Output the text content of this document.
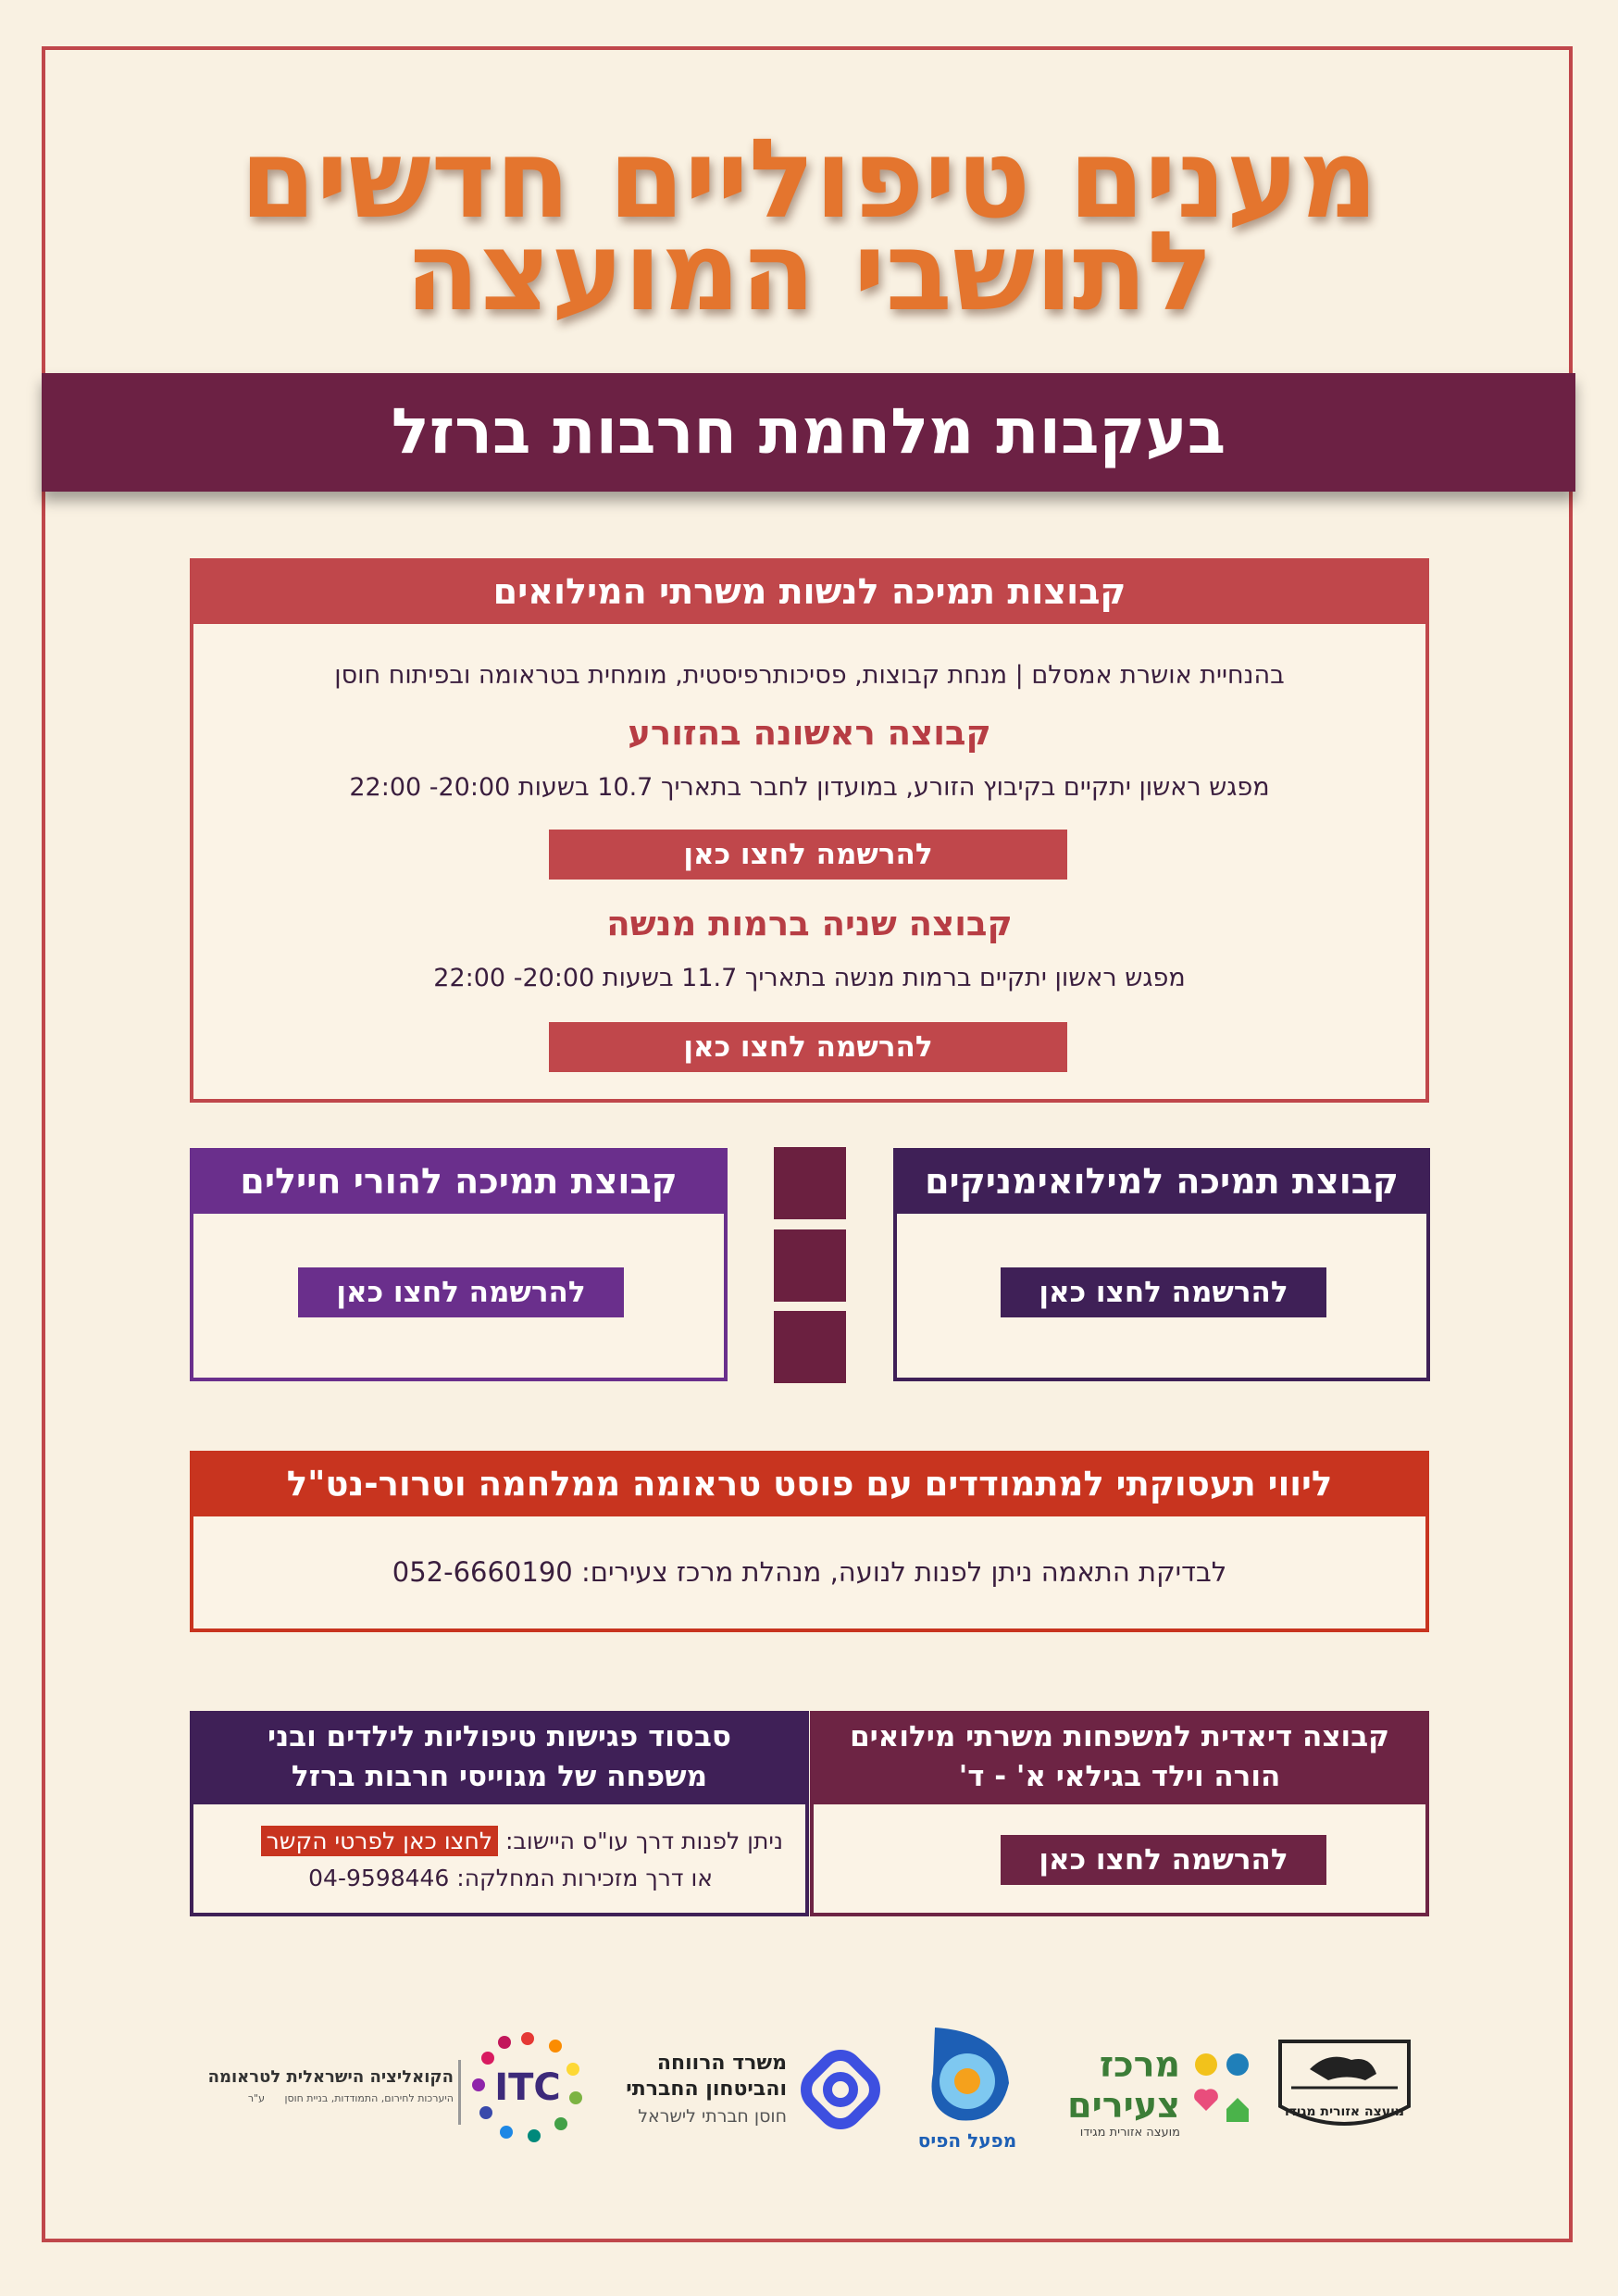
מענים טיפוליים חדשים
לתושבי המועצה
בעקבות מלחמת חרבות ברזל
קבוצות תמיכה לנשות משרתי המילואים
בהנחיית אושרת אמסלם | מנחת קבוצות, פסיכותרפיסטית, מומחית בטראומה ובפיתוח חוסן
קבוצה ראשונה בהזורע
מפגש ראשון יתקיים בקיבוץ הזורע, במועדון לחבר בתאריך 10.7 בשעות 20:00- 22:00
להרשמה לחצו כאן
קבוצה שניה ברמות מנשה
מפגש ראשון יתקיים ברמות מנשה בתאריך 11.7 בשעות 20:00- 22:00
להרשמה לחצו כאן
קבוצת תמיכה למילואימניקים
להרשמה לחצו כאן
קבוצת תמיכה להורי חיילים
להרשמה לחצו כאן
ליווי תעסוקתי למתמודדים עם פוסט טראומה ממלחמה וטרור-נט"ל
לבדיקת התאמה ניתן לפנות לנועה, מנהלת מרכז צעירים: 052-6660190
קבוצה דיאדית למשפחות משרתי מילואים
הורה וילד בגילאי א' - ד'
להרשמה לחצו כאן
סבסוד פגישות טיפוליות לילדים ובני
משפחה של מגוייסי חרבות ברזל
ניתן לפנות דרך עו"ס היישוב: לחצו כאן לפרטי הקשר
או דרך מזכירות המחלקה: 04-9598446
מועצה אזורית מגידו
מרכז
צעירים
מועצה אזורית מגידו
מפעל הפיס
משרד הרווחה
והביטחון החברתי
חוסן חברתי לישראל
ITC
הקואליציה הישראלית לטראומה
היערכות לחירום, התמודדות, בניית חוסן ע"ר
